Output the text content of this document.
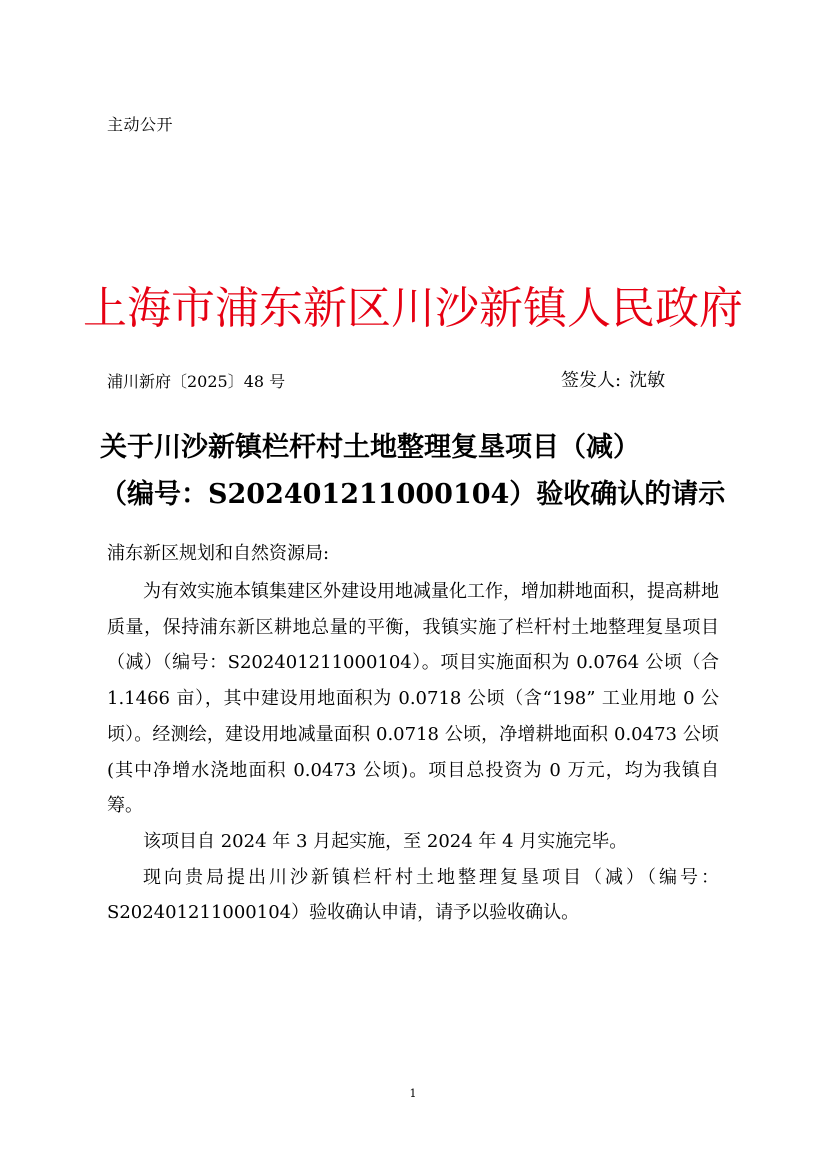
主动公开
上海市浦东新区川沙新镇人民政府
浦川新府〔2025〕48 号	签发人: 沈敏
关于川沙新镇栏杆村土地整理复垦项目（减）
（编号：S202401211000104）验收确认的请示
浦东新区规划和自然资源局:

为有效实施本镇集建区外建设用地减量化工作，增加耕地面积，提高耕地质量，保持浦东新区耕地总量的平衡，我镇实施了栏杆村土地整理复垦项目（减）（编号：S202401211000104）。项目实施面积为 0.0764 公顷（合 1.1466 亩），其中建设用地面积为 0.0718 公顷（含“198” 工业用地 0 公顷）。经测绘，建设用地减量面积 0.0718 公顷，净增耕地面积 0.0473 公顷(其中净增水浇地面积 0.0473 公顷)。项目总投资为 0 万元，均为我镇自筹。

该项目自 2024 年 3 月起实施，至 2024 年 4 月实施完毕。

现向贵局提出川沙新镇栏杆村土地整理复垦项目（减）（编号：S202401211000104）验收确认申请，请予以验收确认。

1
